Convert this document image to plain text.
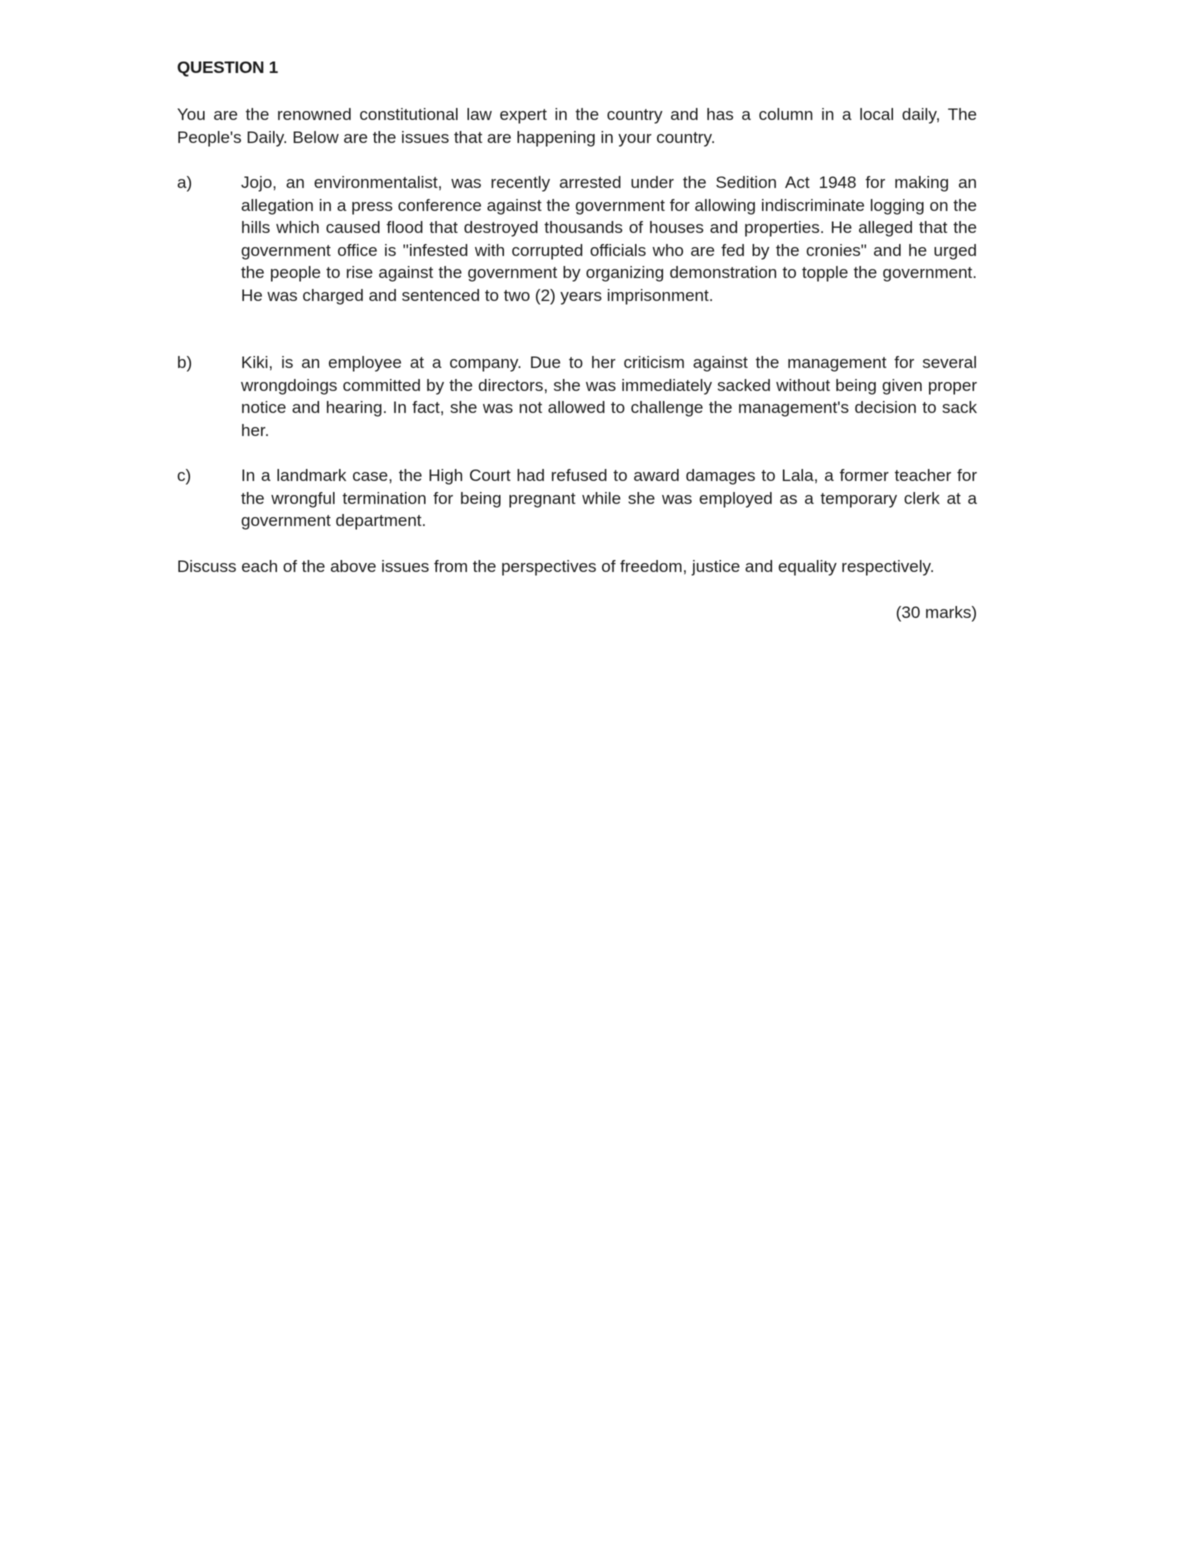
QUESTION 1
You are the renowned constitutional law expert in the country and has a column in a local daily, The People's Daily. Below are the issues that are happening in your country.
a)	Jojo, an environmentalist, was recently arrested under the Sedition Act 1948 for making an allegation in a press conference against the government for allowing indiscriminate logging on the hills which caused flood that destroyed thousands of houses and properties. He alleged that the government office is "infested with corrupted officials who are fed by the cronies" and he urged the people to rise against the government by organizing demonstration to topple the government. He was charged and sentenced to two (2) years imprisonment.
b)	Kiki, is an employee at a company. Due to her criticism against the management for several wrongdoings committed by the directors, she was immediately sacked without being given proper notice and hearing. In fact, she was not allowed to challenge the management's decision to sack her.
c)	In a landmark case, the High Court had refused to award damages to Lala, a former teacher for the wrongful termination for being pregnant while she was employed as a temporary clerk at a government department.
Discuss each of the above issues from the perspectives of freedom, justice and equality respectively.
(30 marks)
